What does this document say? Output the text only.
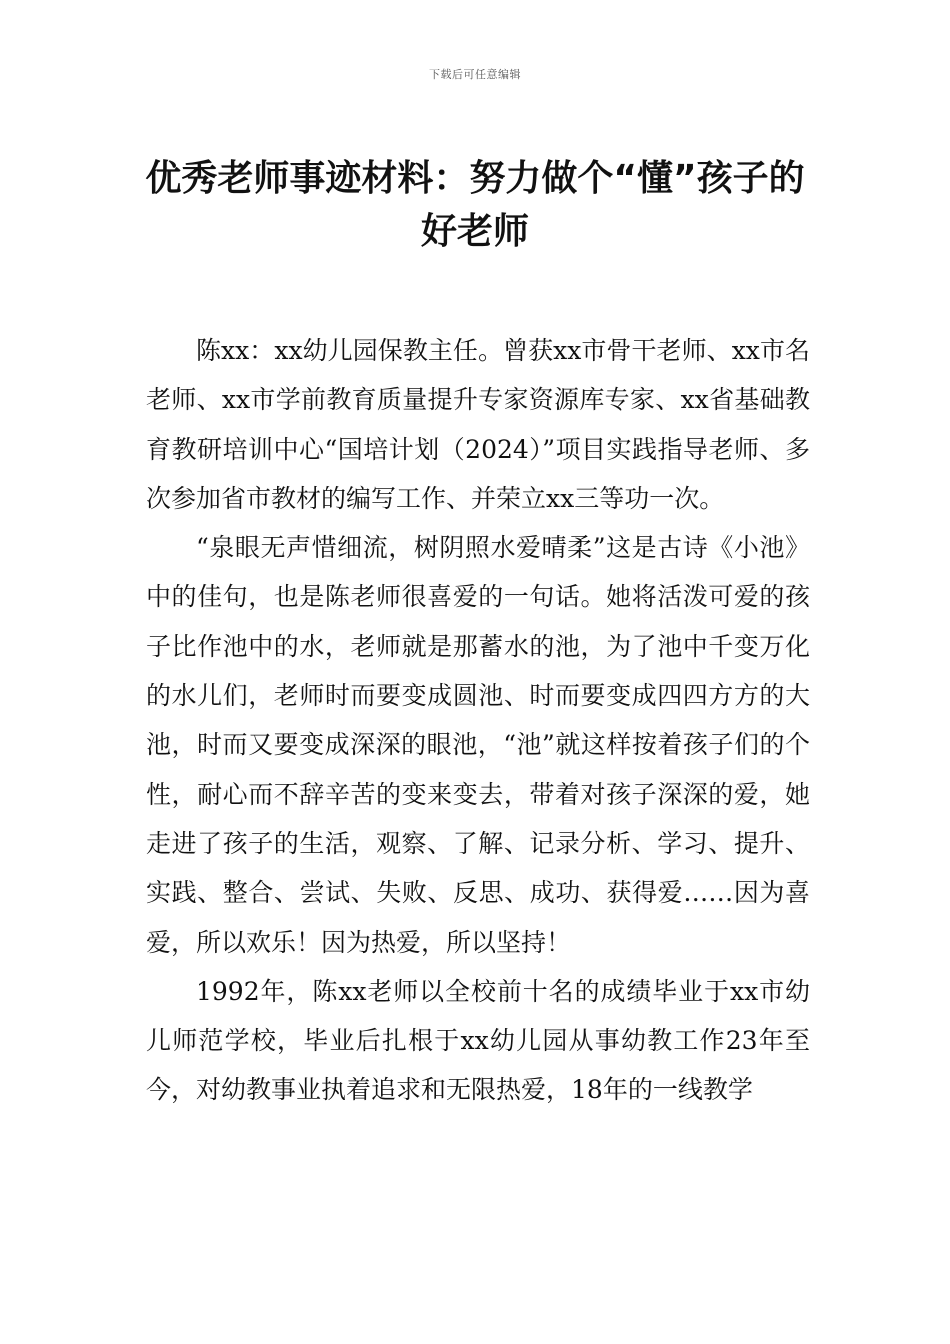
下载后可任意编辑
优秀老师事迹材料：努力做个“懂”孩子的好老师

陈xx：xx幼儿园保教主任。曾获xx市骨干老师、xx市名老师、xx市学前教育质量提升专家资源库专家、xx省基础教育教研培训中心“国培计划（2024）”项目实践指导老师、多次参加省市教材的编写工作、并荣立xx三等功一次。

“泉眼无声惜细流，树阴照水爱晴柔”这是古诗《小池》中的佳句，也是陈老师很喜爱的一句话。她将活泼可爱的孩子比作池中的水，老师就是那蓄水的池，为了池中千变万化的水儿们，老师时而要变成圆池、时而要变成四四方方的大池，时而又要变成深深的眼池，“池”就这样按着孩子们的个性，耐心而不辞辛苦的变来变去，带着对孩子深深的爱，她走进了孩子的生活，观察、了解、记录分析、学习、提升、实践、整合、尝试、失败、反思、成功、获得爱……因为喜爱，所以欢乐！因为热爱，所以坚持！

1992年，陈xx老师以全校前十名的成绩毕业于xx市幼儿师范学校，毕业后扎根于xx幼儿园从事幼教工作23年至今，对幼教事业执着追求和无限热爱，18年的一线教学
